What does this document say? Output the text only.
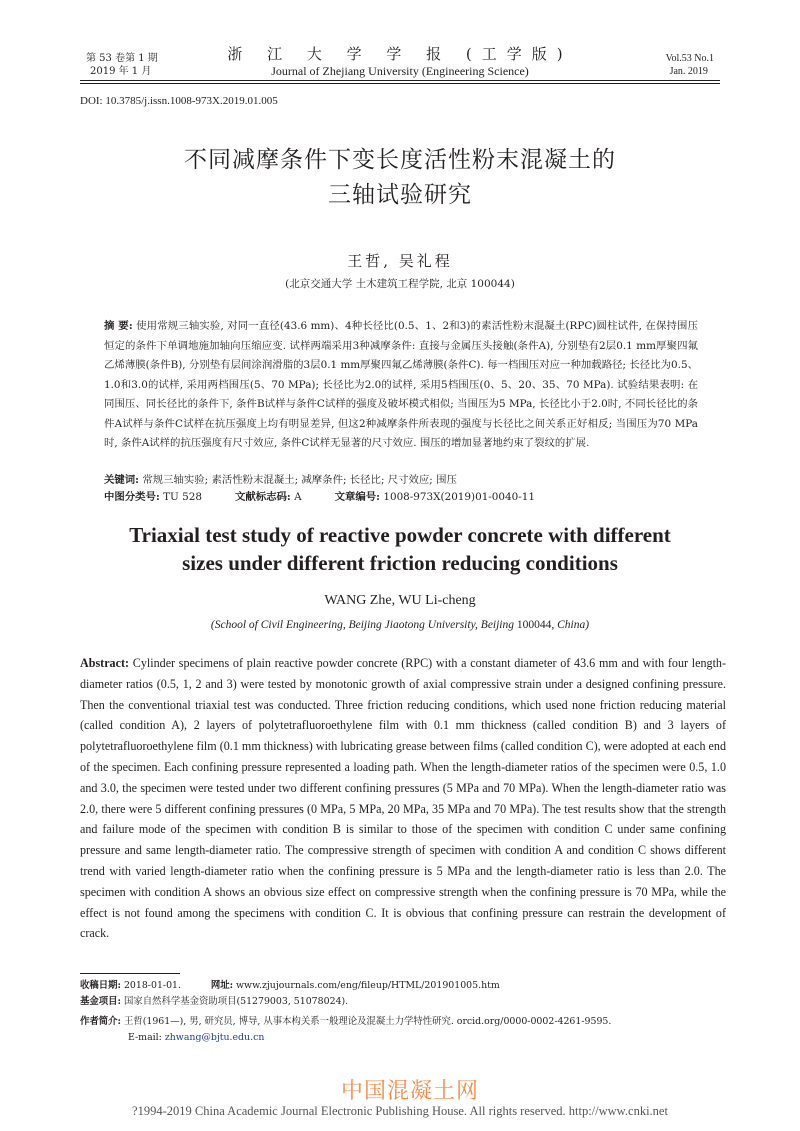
第 53 卷第 1 期
2019 年 1 月
浙 江 大 学 学 报 (工学版)
Journal of Zhejiang University (Engineering Science)
Vol.53 No.1
Jan. 2019
DOI: 10.3785/j.issn.1008-973X.2019.01.005
不同减摩条件下变长度活性粉末混凝土的
三轴试验研究
王哲, 吴礼程
(北京交通大学 土木建筑工程学院, 北京 100044)
摘 要: 使用常规三轴实验, 对同一直径(43.6 mm)、4种长径比(0.5、1、2和3)的素活性粉末混凝土(RPC)圆柱试件, 在保持围压恒定的条件下单调地施加轴向压缩应变. 试样两端采用3种减摩条件: 直接与金属压头接触(条件A), 分别垫有2层0.1 mm厚聚四氟乙烯薄膜(条件B), 分别垫有层间涂润滑脂的3层0.1 mm厚聚四氟乙烯薄膜(条件C). 每一档围压对应一种加载路径; 长径比为0.5、1.0和3.0的试样, 采用两档围压(5、70 MPa); 长径比为2.0的试样, 采用5档围压(0、5、20、35、70 MPa). 试验结果表明: 在同围压、同长径比的条件下, 条件B试样与条件C试样的强度及破坏模式相似; 当围压为5 MPa, 长径比小于2.0时, 不同长径比的条件A试样与条件C试样在抗压强度上均有明显差异, 但这2种减摩条件所表现的强度与长径比之间关系正好相反; 当围压为70 MPa时, 条件A试样的抗压强度有尺寸效应, 条件C试样无显著的尺寸效应. 围压的增加显著地约束了裂纹的扩展.
关键词: 常规三轴实验; 素活性粉末混凝土; 减摩条件; 长径比; 尺寸效应; 围压
中图分类号: TU 528	文献标志码: A	文章编号: 1008-973X(2019)01-0040-11
Triaxial test study of reactive powder concrete with different
sizes under different friction reducing conditions
WANG Zhe, WU Li-cheng
(School of Civil Engineering, Beijing Jiaotong University, Beijing 100044, China)
Abstract: Cylinder specimens of plain reactive powder concrete (RPC) with a constant diameter of 43.6 mm and with four length-diameter ratios (0.5, 1, 2 and 3) were tested by monotonic growth of axial compressive strain under a designed confining pressure. Then the conventional triaxial test was conducted. Three friction reducing conditions, which used none friction reducing material (called condition A), 2 layers of polytetrafluoroethylene film with 0.1 mm thickness (called condition B) and 3 layers of polytetrafluoroethylene film (0.1 mm thickness) with lubricating grease between films (called condition C), were adopted at each end of the specimen. Each confining pressure represented a loading path. When the length-diameter ratios of the specimen were 0.5, 1.0 and 3.0, the specimen were tested under two different confining pressures (5 MPa and 70 MPa). When the length-diameter ratio was 2.0, there were 5 different confining pressures (0 MPa, 5 MPa, 20 MPa, 35 MPa and 70 MPa). The test results show that the strength and failure mode of the specimen with condition B is similar to those of the specimen with condition C under same confining pressure and same length-diameter ratio. The compressive strength of specimen with condition A and condition C shows different trend with varied length-diameter ratio when the confining pressure is 5 MPa and the length-diameter ratio is less than 2.0. The specimen with condition A shows an obvious size effect on compressive strength when the confining pressure is 70 MPa, while the effect is not found among the specimens with condition C. It is obvious that confining pressure can restrain the development of crack.
收稿日期: 2018-01-01.	网址: www.zjujournals.com/eng/fileup/HTML/201901005.htm
基金项目: 国家自然科学基金资助项目(51279003, 51078024).
作者简介: 王哲(1961—), 男, 研究员, 博导, 从事本构关系一般理论及混凝土力学特性研究. orcid.org/0000-0002-4261-9595.
E-mail: zhwang@bjtu.edu.cn
中国混凝土网
?1994-2019 China Academic Journal Electronic Publishing House. All rights reserved. http://www.cnki.net
